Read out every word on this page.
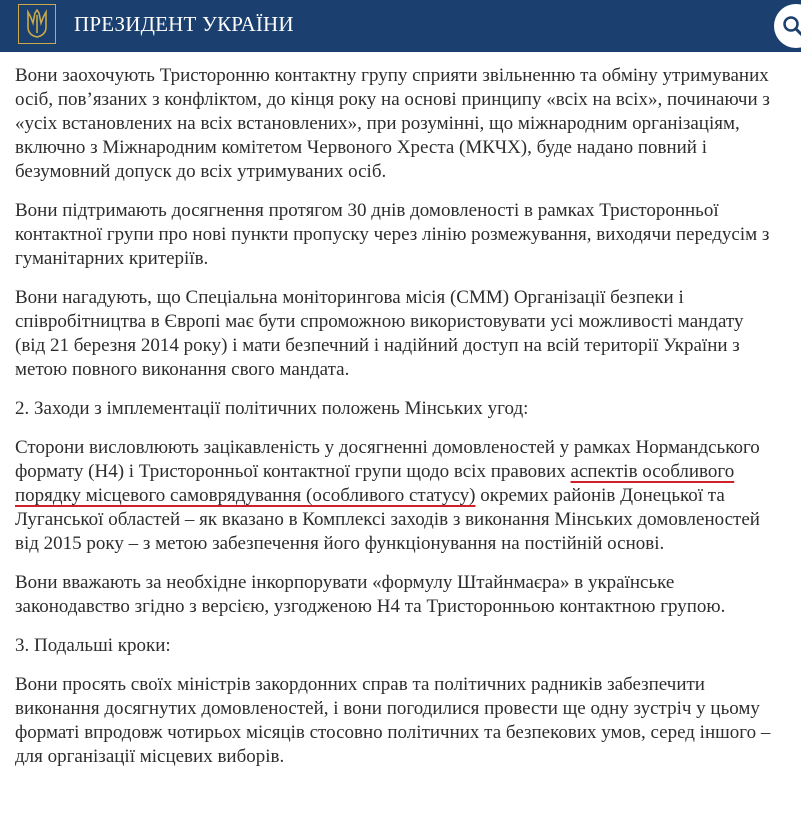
ПРЕЗИДЕНТ УКРАЇНИ

Вони заохочують Тристоронню контактну групу сприяти звільненню та обміну утримуваних осіб, пов’язаних з конфліктом, до кінця року на основі принципу «всіх на всіх», починаючи з «усіх встановлених на всіх встановлених», при розумінні, що міжнародним організаціям, включно з Міжнародним комітетом Червоного Хреста (МКЧХ), буде надано повний і безумовний допуск до всіх утримуваних осіб.

Вони підтримають досягнення протягом 30 днів домовленості в рамках Тристоронньої контактної групи про нові пункти пропуску через лінію розмежування, виходячи передусім з гуманітарних критеріїв.

Вони нагадують, що Спеціальна моніторингова місія (СММ) Організації безпеки і співробітництва в Європі має бути спроможною використовувати усі можливості мандату (від 21 березня 2014 року) і мати безпечний і надійний доступ на всій території України з метою повного виконання свого мандата.

2. Заходи з імплементації політичних положень Мінських угод:

Сторони висловлюють зацікавленість у досягненні домовленостей у рамках Нормандського формату (Н4) і Тристоронньої контактної групи щодо всіх правових аспектів особливого порядку місцевого самоврядування (особливого статусу) окремих районів Донецької та Луганської областей – як вказано в Комплексі заходів з виконання Мінських домовленостей від 2015 року – з метою забезпечення його функціонування на постійній основі.

Вони вважають за необхідне інкорпорувати «формулу Штайнмаєра» в українське законодавство згідно з версією, узгодженою Н4 та Тристоронньою контактною групою.

3. Подальші кроки:

Вони просять своїх міністрів закордонних справ та політичних радників забезпечити виконання досягнутих домовленостей, і вони погодилися провести ще одну зустріч у цьому форматі впродовж чотирьох місяців стосовно політичних та безпекових умов, серед іншого – для організації місцевих виборів.
